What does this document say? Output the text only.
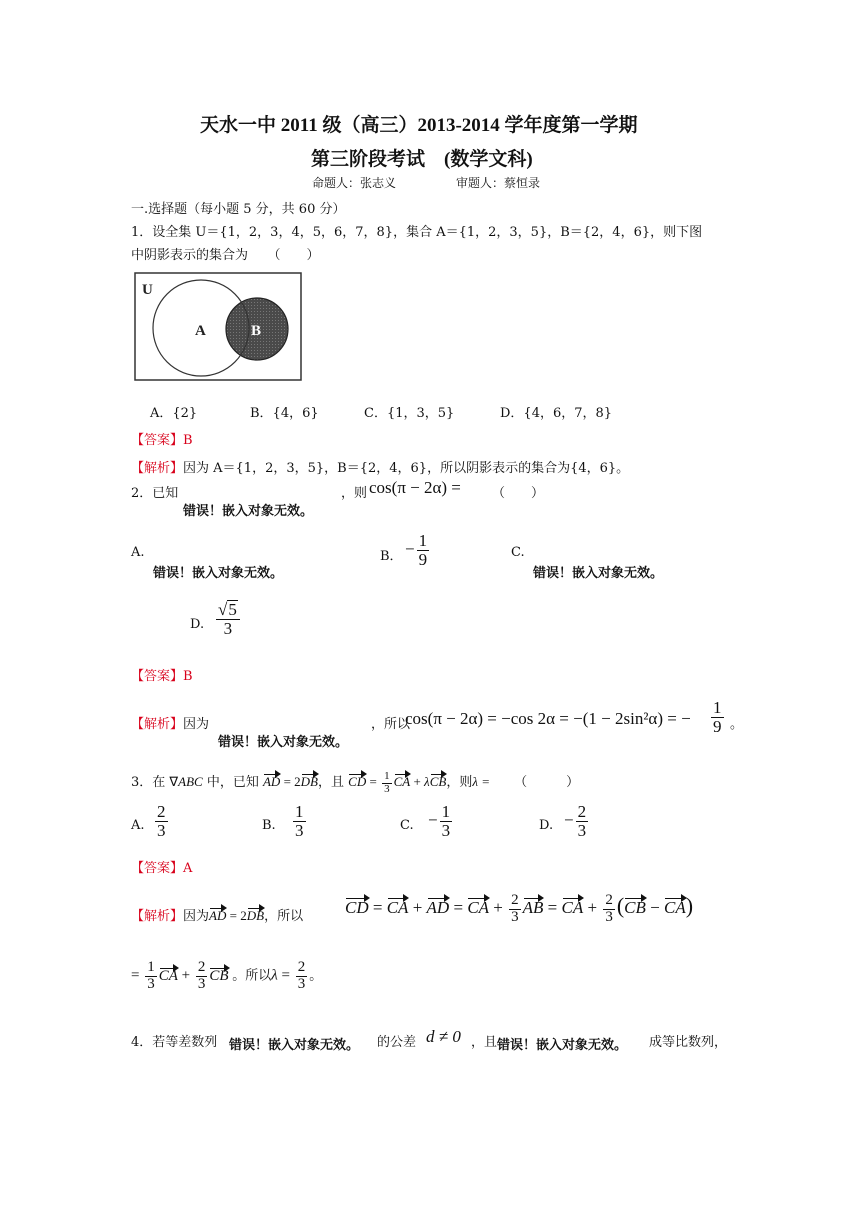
天水一中 2011 级（高三）2013-2014 学年度第一学期
第三阶段考试　(数学文科)
命题人：张志义	审题人：蔡恒录
一.选择题（每小题 5 分，共 60 分）
1．设全集 U＝{1，2，3，4，5，6，7，8}，集合 A＝{1，2，3，5}，B＝{2，4，6}，则下图
中阴影表示的集合为　　（　　）
U
A	B
A．{2}	B．{4，6}	C．{1，3，5}	D．{4，6，7，8}
【答案】B
【解析】因为 A＝{1，2，3，5}，B＝{2，4，6}，所以阴影表示的集合为{4，6}。
2．已知
错误！嵌入对象无效。
，则 cos(π − 2α) = （　　）
A.
错误！嵌入对象无效。
B． − $\frac{1}{9}$	C.
错误！嵌入对象无效。
D. $\frac{√5}{3}$
【答案】B
【解析】因为
错误！嵌入对象无效。
，所以
cos(π − 2α) = −cos 2α = −(1 − 2sin²α) = − $\frac{1}{9}$ 。
3．在 ∇ABC 中，已知 AD = 2DB，且 CD = $\frac{1}{3}$ CA + λCB，则λ = （　　　）
A. $\frac{2}{3}$	B. $\frac{1}{3}$	C. − $\frac{1}{3}$	D. − $\frac{2}{3}$
【答案】A
【解析】因为AD = 2DB，所以 CD = CA + AD = CA + $\frac{2}{3}$ AB = CA + $\frac{2}{3} (CB - CA)$
= $\frac{1}{3}$ CA + $\frac{2}{3}$ CB 。所以$\lambda = \frac{2}{3}$ 。
4．若等差数列 错误！嵌入对象无效。 的公差 d ≠ 0 ，且 错误！嵌入对象无效。 成等比数列，
